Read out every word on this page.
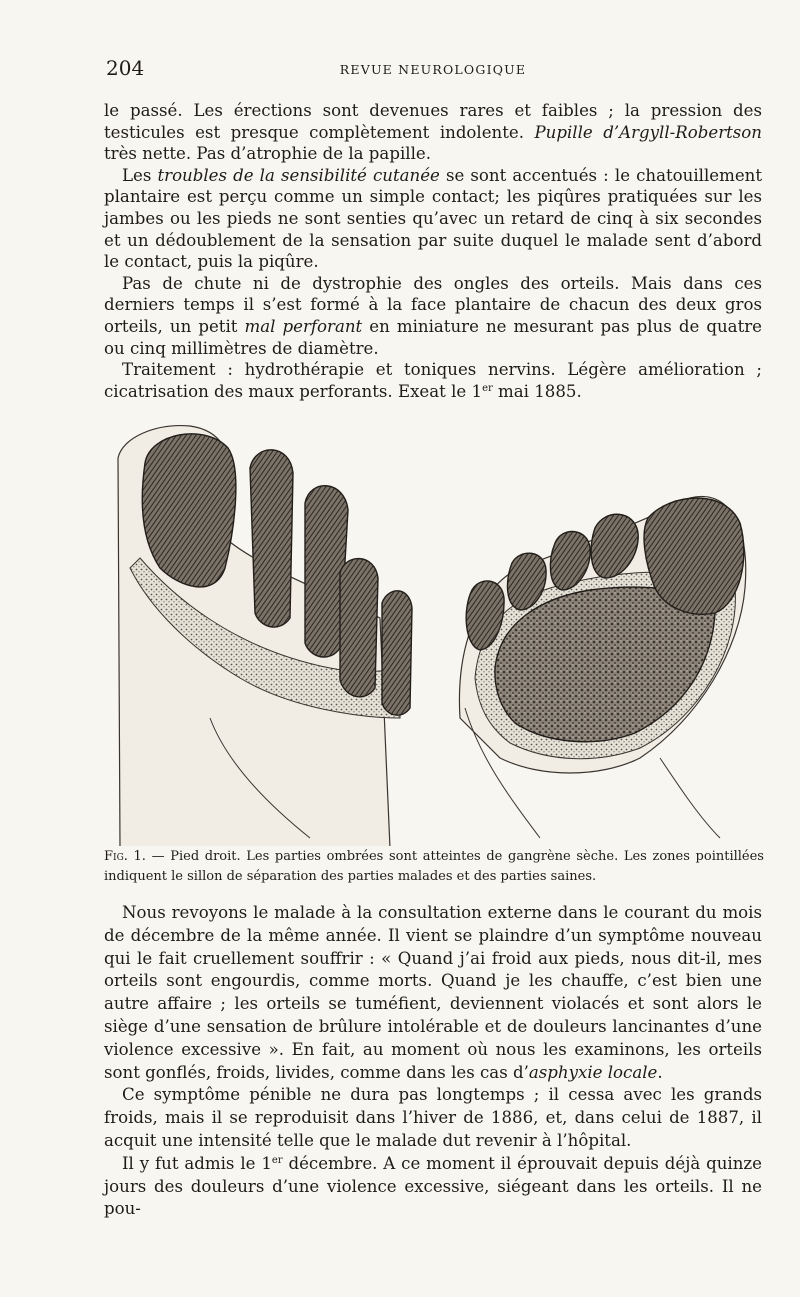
204	REVUE NEUROLOGIQUE

le passé. Les érections sont devenues rares et faibles ; la pression des testicules est presque complètement indolente. Pupille d’Argyll-Robertson très nette. Pas d’atrophie de la papille.

Les troubles de la sensibilité cutanée se sont accentués : le chatouillement plantaire est perçu comme un simple contact; les piqûres pratiquées sur les jambes ou les pieds ne sont senties qu’avec un retard de cinq à six secondes et un dédoublement de la sensation par suite duquel le malade sent d’abord le contact, puis la piqûre.

Pas de chute ni de dystrophie des ongles des orteils. Mais dans ces derniers temps il s’est formé à la face plantaire de chacun des deux gros orteils, un petit mal perforant en miniature ne mesurant pas plus de quatre ou cinq millimètres de diamètre.

Traitement : hydrothérapie et toniques nervins. Légère amélioration ; cicatrisation des maux perforants. Exeat le 1er mai 1885.

Fig. 1. — Pied droit. Les parties ombrées sont atteintes de gangrène sèche. Les zones pointillées indiquent le sillon de séparation des parties malades et des parties saines.

Nous revoyons le malade à la consultation externe dans le courant du mois de décembre de la même année. Il vient se plaindre d’un symptôme nouveau qui le fait cruellement souffrir : « Quand j’ai froid aux pieds, nous dit-il, mes orteils sont engourdis, comme morts. Quand je les chauffe, c’est bien une autre affaire ; les orteils se tuméfient, deviennent violacés et sont alors le siège d’une sensation de brûlure intolérable et de douleurs lancinantes d’une violence excessive ». En fait, au moment où nous les examinons, les orteils sont gonflés, froids, livides, comme dans les cas d’asphyxie locale.

Ce symptôme pénible ne dura pas longtemps ; il cessa avec les grands froids, mais il se reproduisit dans l’hiver de 1886, et, dans celui de 1887, il acquit une intensité telle que le malade dut revenir à l’hôpital.

Il y fut admis le 1er décembre. A ce moment il éprouvait depuis déjà quinze jours des douleurs d’une violence excessive, siégeant dans les orteils. Il ne pou-
